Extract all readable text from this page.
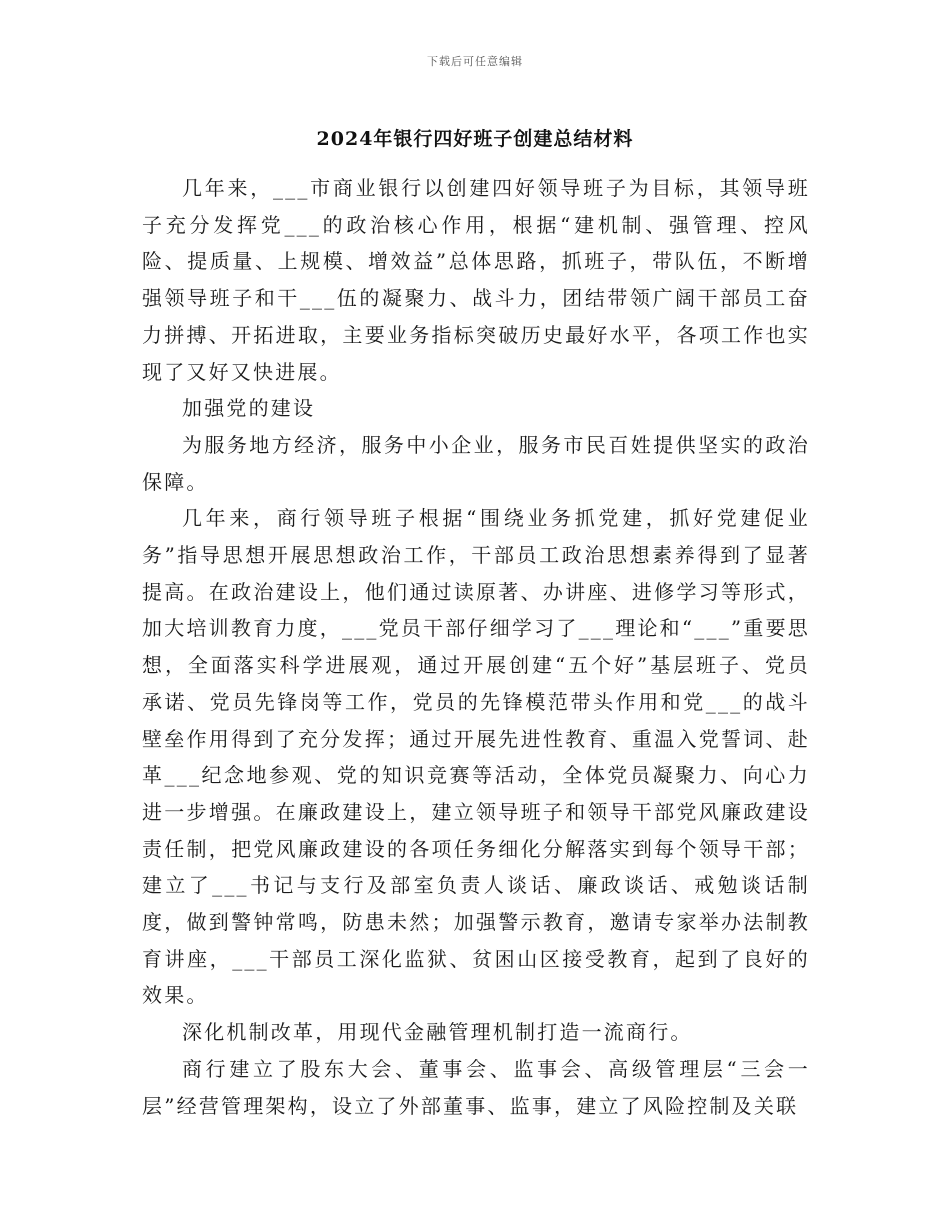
下载后可任意编辑
2024年银行四好班子创建总结材料

几年来，___市商业银行以创建四好领导班子为目标，其领导班子充分发挥党___的政治核心作用，根据“建机制、强管理、控风险、提质量、上规模、增效益”总体思路，抓班子，带队伍，不断增强领导班子和干___伍的凝聚力、战斗力，团结带领广阔干部员工奋力拼搏、开拓进取，主要业务指标突破历史最好水平，各项工作也实现了又好又快进展。

加强党的建设

为服务地方经济，服务中小企业，服务市民百姓提供坚实的政治保障。

几年来，商行领导班子根据“围绕业务抓党建，抓好党建促业务”指导思想开展思想政治工作，干部员工政治思想素养得到了显著提高。在政治建设上，他们通过读原著、办讲座、进修学习等形式，加大培训教育力度，___党员干部仔细学习了___理论和“___”重要思想，全面落实科学进展观，通过开展创建“五个好”基层班子、党员承诺、党员先锋岗等工作，党员的先锋模范带头作用和党___的战斗壁垒作用得到了充分发挥；通过开展先进性教育、重温入党誓词、赴革___纪念地参观、党的知识竞赛等活动，全体党员凝聚力、向心力进一步增强。在廉政建设上，建立领导班子和领导干部党风廉政建设责任制，把党风廉政建设的各项任务细化分解落实到每个领导干部；建立了___书记与支行及部室负责人谈话、廉政谈话、戒勉谈话制度，做到警钟常鸣，防患未然；加强警示教育，邀请专家举办法制教育讲座，___干部员工深化监狱、贫困山区接受教育，起到了良好的效果。

深化机制改革，用现代金融管理机制打造一流商行。

商行建立了股东大会、董事会、监事会、高级管理层“三会一层”经营管理架构，设立了外部董事、监事，建立了风险控制及关联
